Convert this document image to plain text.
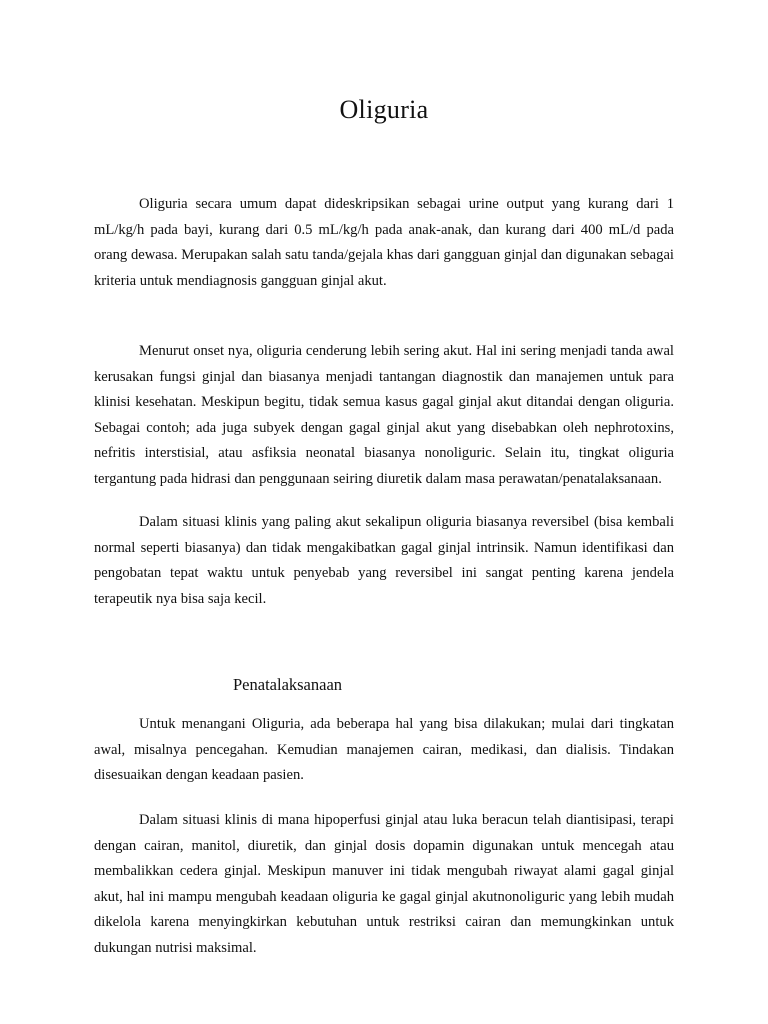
Oliguria

Oliguria secara umum dapat dideskripsikan sebagai urine output yang kurang dari 1 mL/kg/h pada bayi, kurang dari 0.5 mL/kg/h pada anak-anak, dan kurang dari 400 mL/d pada orang dewasa. Merupakan salah satu tanda/gejala khas dari gangguan ginjal dan digunakan sebagai kriteria untuk mendiagnosis gangguan ginjal akut.

Menurut onset nya, oliguria cenderung lebih sering akut. Hal ini sering menjadi tanda awal kerusakan fungsi ginjal dan biasanya menjadi tantangan diagnostik dan manajemen untuk para klinisi kesehatan. Meskipun begitu, tidak semua kasus gagal ginjal akut ditandai dengan oliguria. Sebagai contoh; ada juga subyek dengan gagal ginjal akut yang disebabkan oleh nephrotoxins, nefritis interstisial, atau asfiksia neonatal biasanya nonoliguric. Selain itu, tingkat oliguria tergantung pada hidrasi dan penggunaan seiring diuretik dalam masa perawatan/penatalaksanaan.

Dalam situasi klinis yang paling akut sekalipun oliguria biasanya reversibel (bisa kembali normal seperti biasanya) dan tidak mengakibatkan gagal ginjal intrinsik. Namun identifikasi dan pengobatan tepat waktu untuk penyebab yang reversibel ini sangat penting karena jendela terapeutik nya bisa saja kecil.

Penatalaksanaan

Untuk menangani Oliguria, ada beberapa hal yang bisa dilakukan; mulai dari tingkatan awal, misalnya pencegahan. Kemudian manajemen cairan, medikasi, dan dialisis. Tindakan disesuaikan dengan keadaan pasien.

Dalam situasi klinis di mana hipoperfusi ginjal atau luka beracun telah diantisipasi, terapi dengan cairan, manitol, diuretik, dan ginjal dosis dopamin digunakan untuk mencegah atau membalikkan cedera ginjal. Meskipun manuver ini tidak mengubah riwayat alami gagal ginjal akut, hal ini mampu mengubah keadaan oliguria ke gagal ginjal akutnonoliguric yang lebih mudah dikelola karena menyingkirkan kebutuhan untuk restriksi cairan dan memungkinkan untuk dukungan nutrisi maksimal.
